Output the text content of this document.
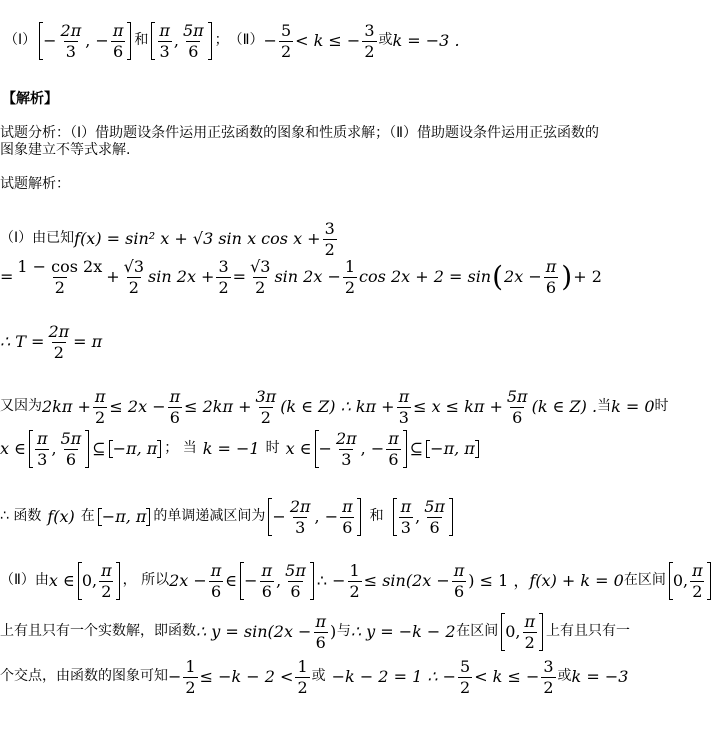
（Ⅰ） − $\frac{2\pi}{3}$ , − $\frac{\pi}{6}$ 和 $\frac{\pi}{3}$ , $\frac{5\pi}{6}$ ； （Ⅱ） − $\frac{5}{2} < k$ ≤ − $\frac{3}{2}$ 或 k = −3 .
【解析】
试题分析：（Ⅰ）借助题设条件运用正弦函数的图象和性质求解；（Ⅱ）借助题设条件运用正弦函数的
图象建立不等式求解.
试题解析：
（Ⅰ）由已知 f(x) = sin² x + √3 sin x $\cos x + \frac{3}{2}$
= $\frac{1 - \cos 2x}{2} + \frac{√3}{2}$ $\sin 2x + \frac{3}{2} = \frac{√3}{2}$ $\sin 2x - \frac{1}{2}$ cos 2x + 2 = sin ( $2x - \frac{\pi}{6}$ ) + 2
∴ $T = \frac{2\pi}{2} = \pi$
又因为 $2k\pi + \frac{\pi}{2} \le 2x - \frac{\pi}{6} \le 2k\pi + \frac{3\pi}{2} (k$ ∈ Z) ∴ $k\pi + \frac{\pi}{3} \le x \le k\pi + \frac{5\pi}{6} (k$ ∈ Z) . 当 k = 0 时
x ∈ $\frac{\pi}{3}$ , $\frac{5\pi}{6}$ ⊆ −π, π ； 当 k = −1 时 x ∈ − $\frac{2\pi}{3}$ , − $\frac{\pi}{6}$ ⊆ −π, π
∴ 函数 f(x) 在 −π, π 的单调递减区间为 − $\frac{2\pi}{3}$ , − $\frac{\pi}{6}$ 和 $\frac{\pi}{3}$ , $\frac{5\pi}{6}$
（Ⅱ）由 x ∈ 0, $\frac{\pi}{2}$ ， 所以 $2x - \frac{\pi}{6}$ ∈ − $\frac{\pi}{6}$ , $\frac{5\pi}{6}$ ∴ − $\frac{1}{2} \le \sin(2x - \frac{\pi}{6}$ ) ≤ 1 ， f(x) + k = 0 在区间 0, $\frac{\pi}{2}$
上有且只有一个实数解，即函数 ∴ $y = \sin(2x - \frac{\pi}{6}$ ) 与 ∴ y = −k − 2 在区间 0, $\frac{\pi}{2}$ 上有且只有一
个交点，由函数的图象可知 − $\frac{1}{2} \le -k - 2 < \frac{1}{2}$ 或 −k − 2 = 1 ∴ − $\frac{5}{2} < k$ ≤ − $\frac{3}{2}$ 或 k = −3
